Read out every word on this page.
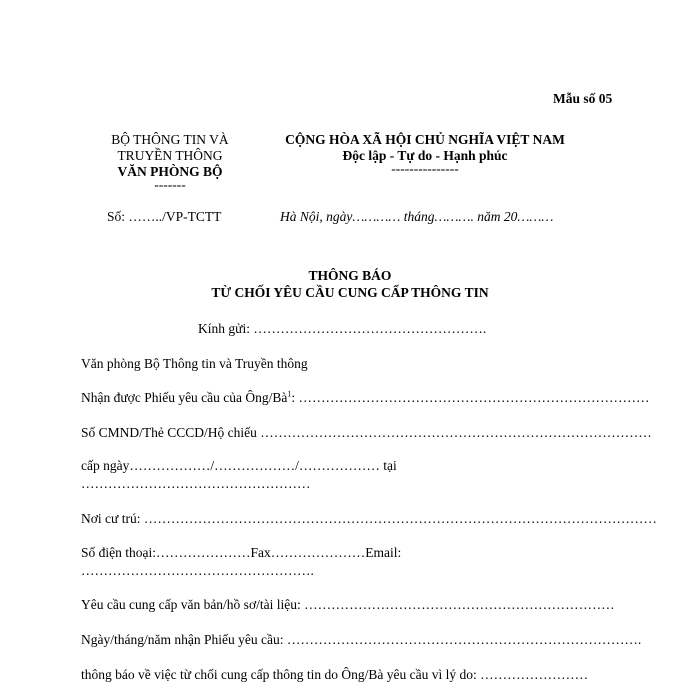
Mẫu số 05
BỘ THÔNG TIN VÀ
TRUYỀN THÔNG
VĂN PHÒNG BỘ
-------
CỘNG HÒA XÃ HỘI CHỦ NGHĨA VIỆT NAM
Độc lập - Tự do - Hạnh phúc
---------------
Số: ……../VP-TCTT	Hà Nội, ngày………… tháng………. năm 20………
THÔNG BÁO
TỪ CHỐI YÊU CẦU CUNG CẤP THÔNG TIN
Kính gửi: …………………………………………….
Văn phòng Bộ Thông tin và Truyền thông
Nhận được Phiếu yêu cầu của Ông/$Bà^1$: ……………………………………………………………………
Số CMND/Thẻ CCCD/Hộ chiếu ……………………………………………………………………………
cấp ngày………………/………………/……………… tại
……………………………………………
Nơi cư trú: ……………………………………………………………………………………………………
Số điện thoại:…………………Fax…………………Email:
…………………………………………….
Yêu cầu cung cấp văn bản/hồ sơ/tài liệu: ……………………………………………………………
Ngày/tháng/năm nhận Phiếu yêu cầu: …………………………………………………………………….
thông báo về việc từ chối cung cấp thông tin do Ông/Bà yêu cầu vì lý do: ……………………
